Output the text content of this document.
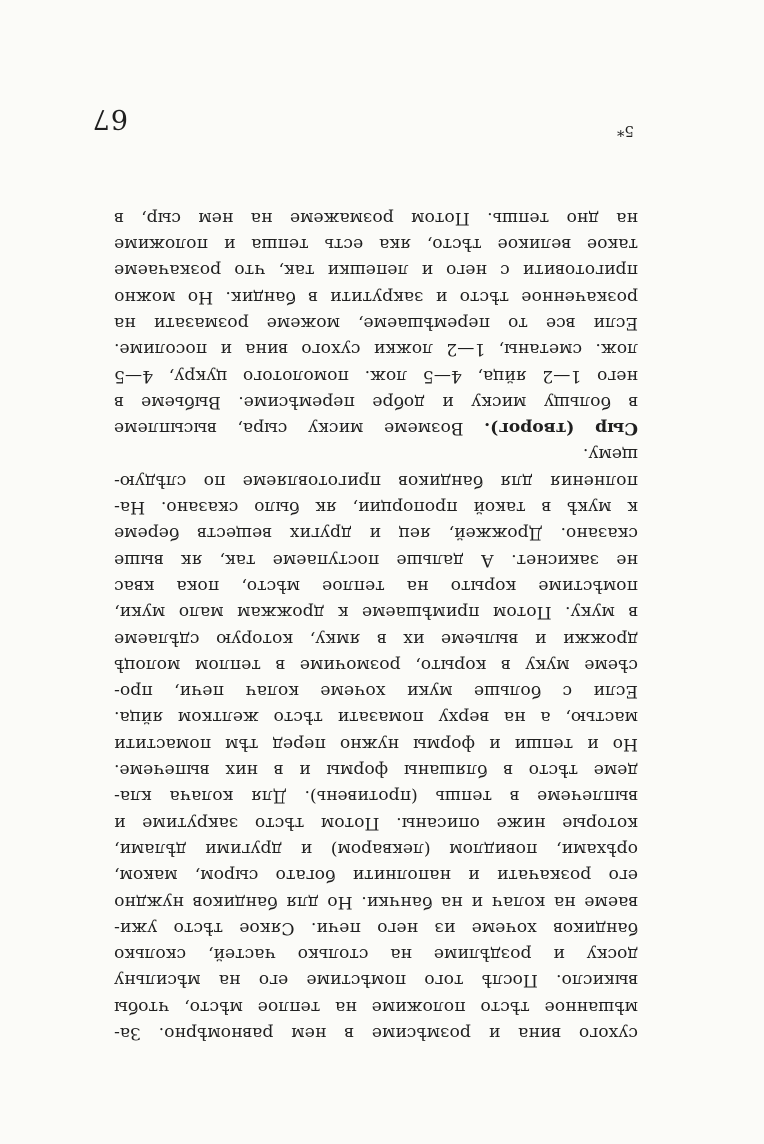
сухого
вина
и
розмѣсиме
в
нем
равномѣрно.
За-
мѣшанное
тѣсто
положиме
на
теплое
мѣсто,
чтобы
выкисло.
Послѣ
того
помѣстиме
его
на
мѣсильну
доску
и
роздѣлиме
на
столько
частей,
сколько
бандиков
хочеме
из
него
печи.
Сякое
тѣсто
ужи-
ваеме
на
колач
и
на
банчки.
Но
для
бандиков
нуждно
его
розкачати
и
наполнити
богато
сыром,
маком,
орѣхами,
повидлом
(лекваром)
и
другими
дѣлами,
которые
ниже
описаны.
Потом
тѣсто
закрутиме
и
выплечеме
в
тепшь
(противень).
Для
колача
кла-
деме
тѣсто
в
бляшаны
формы
и
в
них
выпечеме.
Но
и
тепши
и
формы
нужно
перед
тѣм
помастити
мастью,
а
на
верху
помазати
тѣсто
желтком
яйца.
Если
с
больше
муки
хочеме
колач
печи,
про-
сѣеме
муку
в
корыто,
розмочиме
в
теплом
молоцѣ
дрожжи
и
выльеме
их
в
ямку,
которую
сдѣлаеме
в
муку.
Потом
примѣшаеме
к
дрожжам
мало
муки,
помѣстиме
корыто
на
теплое
мѣсто,
пока
квас
не
закиснет.
А
дальше
поступаеме
так,
як
выше
сказано.
Дрожжей,
яец
и
других
веществ
береме
к
мукѣ
в
такой
пропорции,
як
было
сказано.
На-
полнения
для
бандиков
приготовляеме
по
слѣдую-
щему.
Сыр
(творог).
Возмеме
миску
сыра,
высыплеме
в
больщу
миску
и
добре
перемѣсиме.
Выбьеме
в
него
1—2
яйца,
4—5
лож.
помолотого
цукру,
4—5
лож.
сметаны,
1—2
ложки
сухого
вина
и
посолиме.
Если
все
то
перемѣшаеме,
можеме
розмазати
на
розкаченное
тѣсто
и
закрутити
в
бандик.
Но
можно
приготовити
с
него
и
лепешки
так,
что
розкачаеме
такое
великое
тѣсто,
яка
есть
тепша
и
положиме
на
дно
тепшь.
Потом
розмажеме
на
нем
сыр,
в
5*
67
